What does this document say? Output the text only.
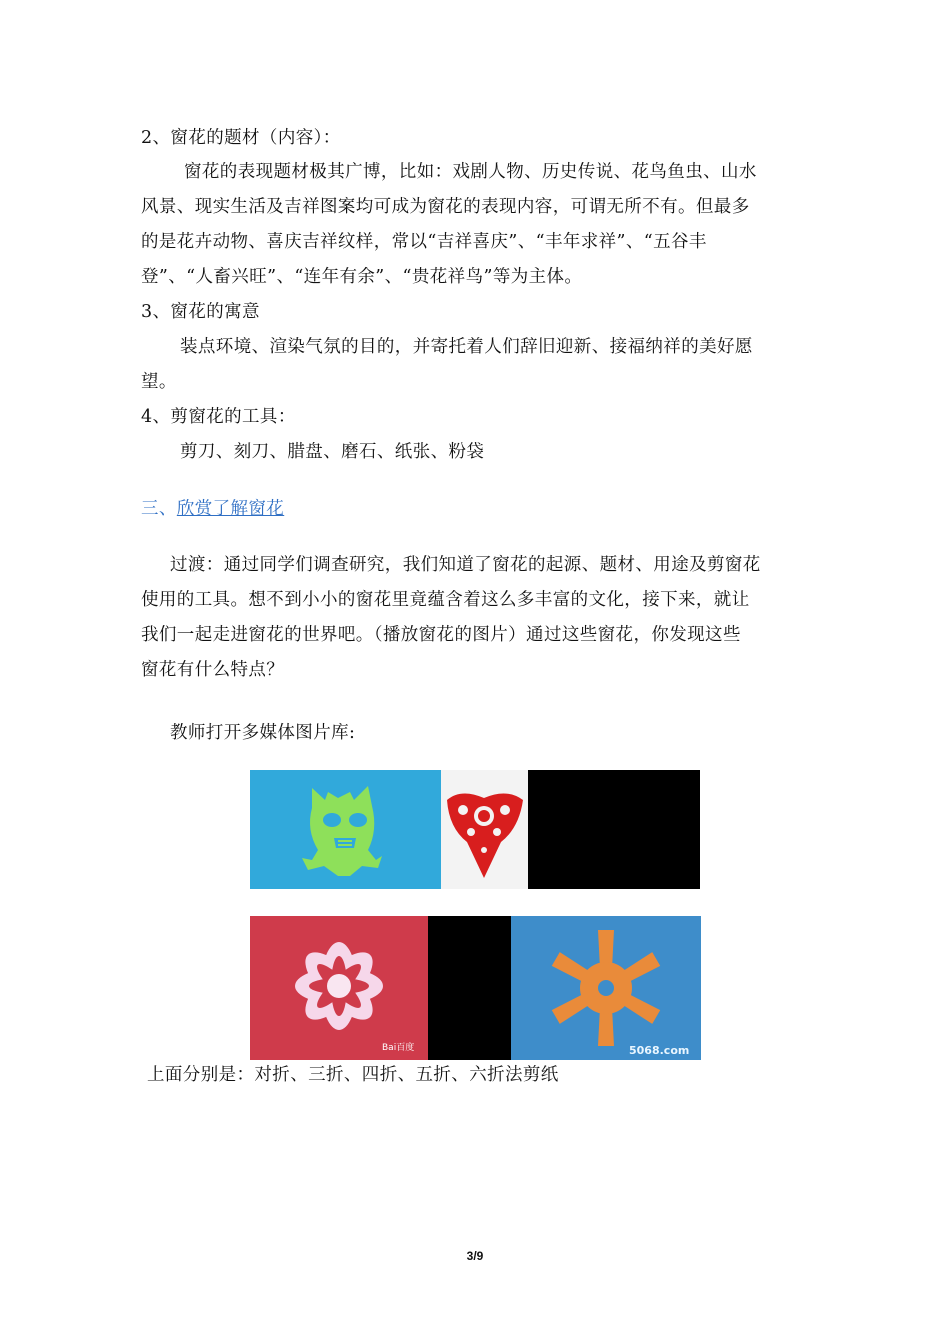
2、窗花的题材（内容）：
窗花的表现题材极其广博，比如：戏剧人物、历史传说、花鸟鱼虫、山水
风景、现实生活及吉祥图案均可成为窗花的表现内容，可谓无所不有。但最多
的是花卉动物、喜庆吉祥纹样，常以“吉祥喜庆”、“丰年求祥”、“五谷丰
登”、“人畜兴旺”、“连年有余”、“贵花祥鸟”等为主体。
3、窗花的寓意
装点环境、渲染气氛的目的，并寄托着人们辞旧迎新、接福纳祥的美好愿
望。
4、剪窗花的工具：
剪刀、刻刀、腊盘、磨石、纸张、粉袋
三、欣赏了解窗花
过渡：通过同学们调查研究，我们知道了窗花的起源、题材、用途及剪窗花
使用的工具。想不到小小的窗花里竟蕴含着这么多丰富的文化，接下来，就让
我们一起走进窗花的世界吧。（播放窗花的图片）通过这些窗花，你发现这些
窗花有什么特点？
教师打开多媒体图片库:
Bai百度	5068.com
上面分别是：对折、三折、四折、五折、六折法剪纸
3/9
